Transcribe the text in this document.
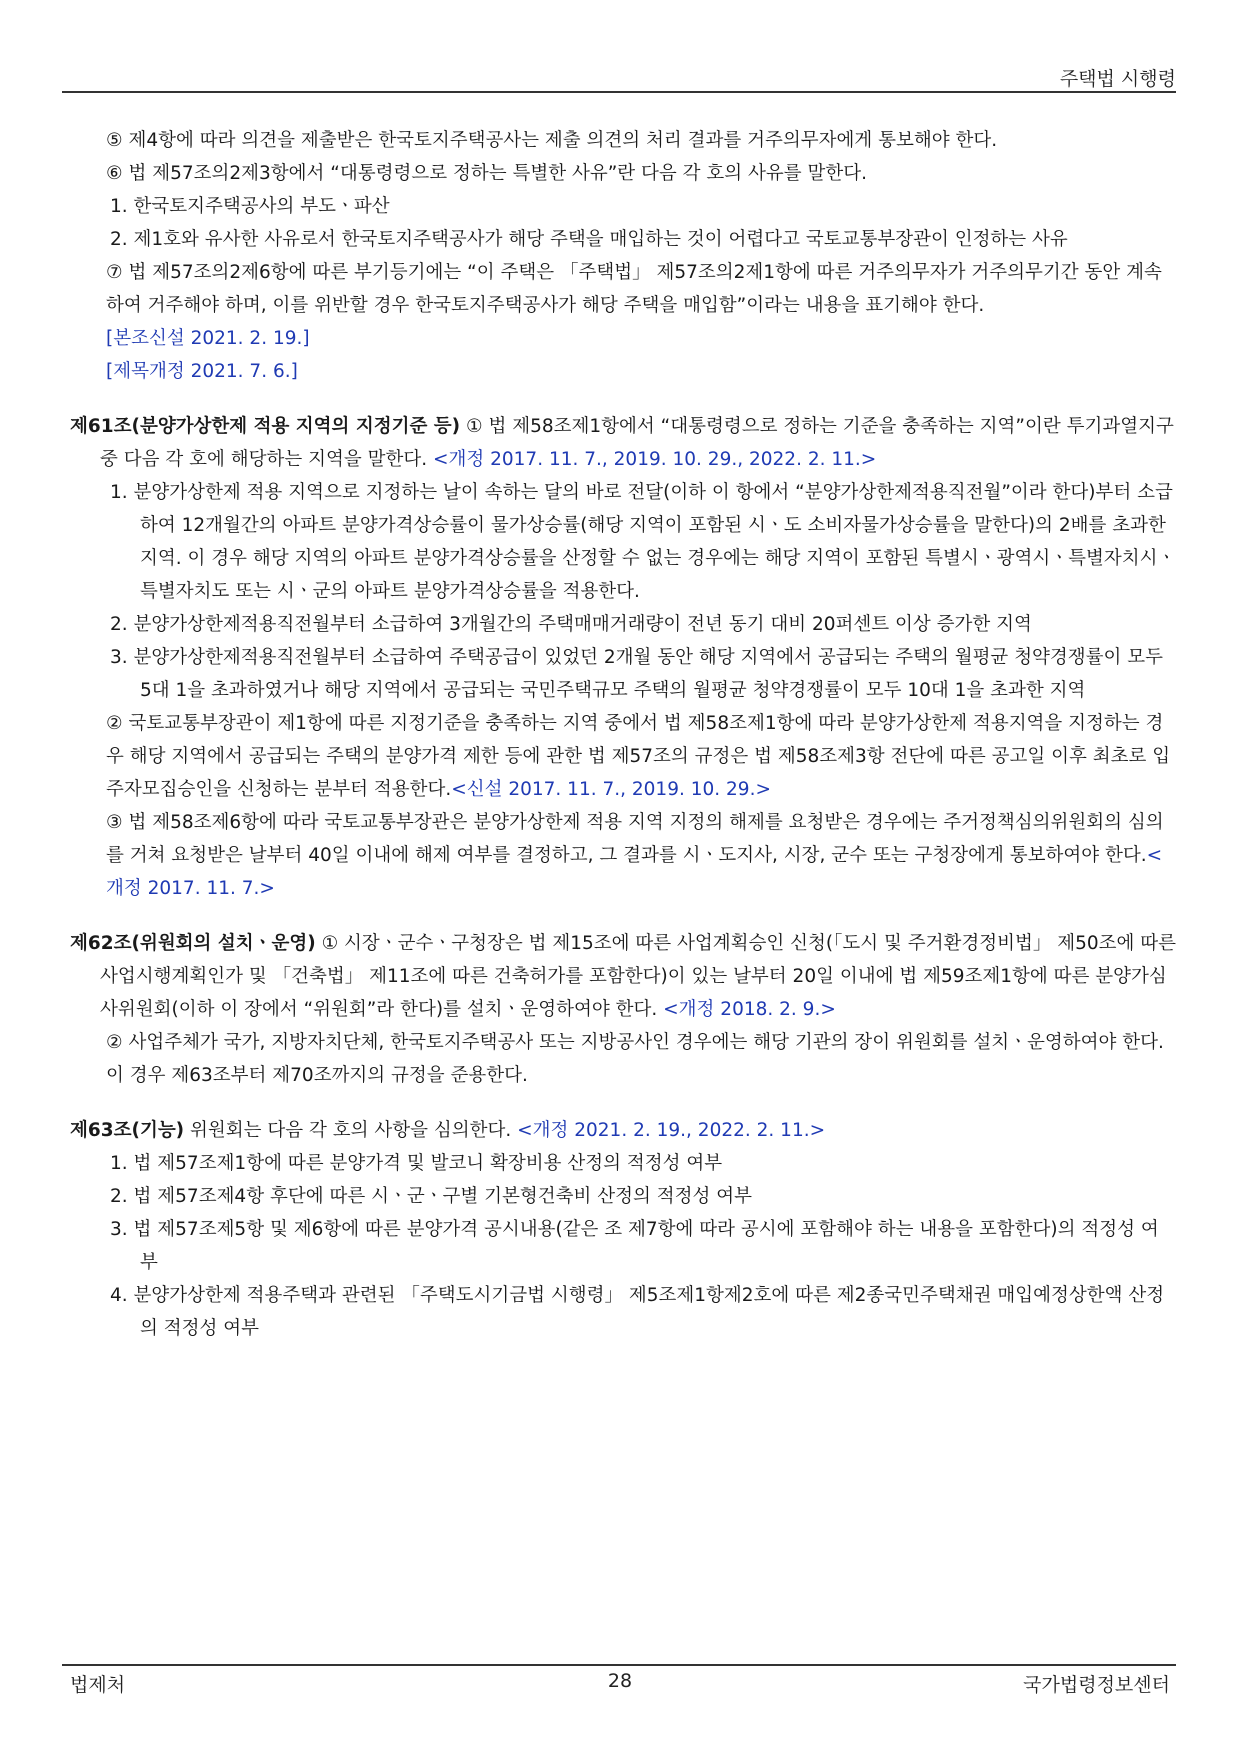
주택법 시행령

⑤ 제4항에 따라 의견을 제출받은 한국토지주택공사는 제출 의견의 처리 결과를 거주의무자에게 통보해야 한다.

⑥ 법 제57조의2제3항에서 “대통령령으로 정하는 특별한 사유”란 다음 각 호의 사유를 말한다.

1. 한국토지주택공사의 부도ㆍ파산

2. 제1호와 유사한 사유로서 한국토지주택공사가 해당 주택을 매입하는 것이 어렵다고 국토교통부장관이 인정하는 사유

⑦ 법 제57조의2제6항에 따른 부기등기에는 “이 주택은 「주택법」 제57조의2제1항에 따른 거주의무자가 거주의무기간 동안 계속하여 거주해야 하며, 이를 위반할 경우 한국토지주택공사가 해당 주택을 매입함”이라는 내용을 표기해야 한다.

[본조신설 2021. 2. 19.]

[제목개정 2021. 7. 6.]

제61조(분양가상한제 적용 지역의 지정기준 등) ① 법 제58조제1항에서 “대통령령으로 정하는 기준을 충족하는 지역”이란 투기과열지구 중 다음 각 호에 해당하는 지역을 말한다. <개정 2017. 11. 7., 2019. 10. 29., 2022. 2. 11.>

1. 분양가상한제 적용 지역으로 지정하는 날이 속하는 달의 바로 전달(이하 이 항에서 “분양가상한제적용직전월”이라 한다)부터 소급하여 12개월간의 아파트 분양가격상승률이 물가상승률(해당 지역이 포함된 시ㆍ도 소비자물가상승률을 말한다)의 2배를 초과한 지역. 이 경우 해당 지역의 아파트 분양가격상승률을 산정할 수 없는 경우에는 해당 지역이 포함된 특별시ㆍ광역시ㆍ특별자치시ㆍ특별자치도 또는 시ㆍ군의 아파트 분양가격상승률을 적용한다.

2. 분양가상한제적용직전월부터 소급하여 3개월간의 주택매매거래량이 전년 동기 대비 20퍼센트 이상 증가한 지역

3. 분양가상한제적용직전월부터 소급하여 주택공급이 있었던 2개월 동안 해당 지역에서 공급되는 주택의 월평균 청약경쟁률이 모두 5대 1을 초과하였거나 해당 지역에서 공급되는 국민주택규모 주택의 월평균 청약경쟁률이 모두 10대 1을 초과한 지역

② 국토교통부장관이 제1항에 따른 지정기준을 충족하는 지역 중에서 법 제58조제1항에 따라 분양가상한제 적용지역을 지정하는 경우 해당 지역에서 공급되는 주택의 분양가격 제한 등에 관한 법 제57조의 규정은 법 제58조제3항 전단에 따른 공고일 이후 최초로 입주자모집승인을 신청하는 분부터 적용한다.<신설 2017. 11. 7., 2019. 10. 29.>

③ 법 제58조제6항에 따라 국토교통부장관은 분양가상한제 적용 지역 지정의 해제를 요청받은 경우에는 주거정책심의위원회의 심의를 거쳐 요청받은 날부터 40일 이내에 해제 여부를 결정하고, 그 결과를 시ㆍ도지사, 시장, 군수 또는 구청장에게 통보하여야 한다.<개정 2017. 11. 7.>

제62조(위원회의 설치ㆍ운영) ① 시장ㆍ군수ㆍ구청장은 법 제15조에 따른 사업계획승인 신청(「도시 및 주거환경정비법」 제50조에 따른 사업시행계획인가 및 「건축법」 제11조에 따른 건축허가를 포함한다)이 있는 날부터 20일 이내에 법 제59조제1항에 따른 분양가심사위원회(이하 이 장에서 “위원회”라 한다)를 설치ㆍ운영하여야 한다. <개정 2018. 2. 9.>

② 사업주체가 국가, 지방자치단체, 한국토지주택공사 또는 지방공사인 경우에는 해당 기관의 장이 위원회를 설치ㆍ운영하여야 한다. 이 경우 제63조부터 제70조까지의 규정을 준용한다.

제63조(기능) 위원회는 다음 각 호의 사항을 심의한다. <개정 2021. 2. 19., 2022. 2. 11.>

1. 법 제57조제1항에 따른 분양가격 및 발코니 확장비용 산정의 적정성 여부

2. 법 제57조제4항 후단에 따른 시ㆍ군ㆍ구별 기본형건축비 산정의 적정성 여부

3. 법 제57조제5항 및 제6항에 따른 분양가격 공시내용(같은 조 제7항에 따라 공시에 포함해야 하는 내용을 포함한다)의 적정성 여부

4. 분양가상한제 적용주택과 관련된 「주택도시기금법 시행령」 제5조제1항제2호에 따른 제2종국민주택채권 매입예정상한액 산정의 적정성 여부

법제처	28	국가법령정보센터
